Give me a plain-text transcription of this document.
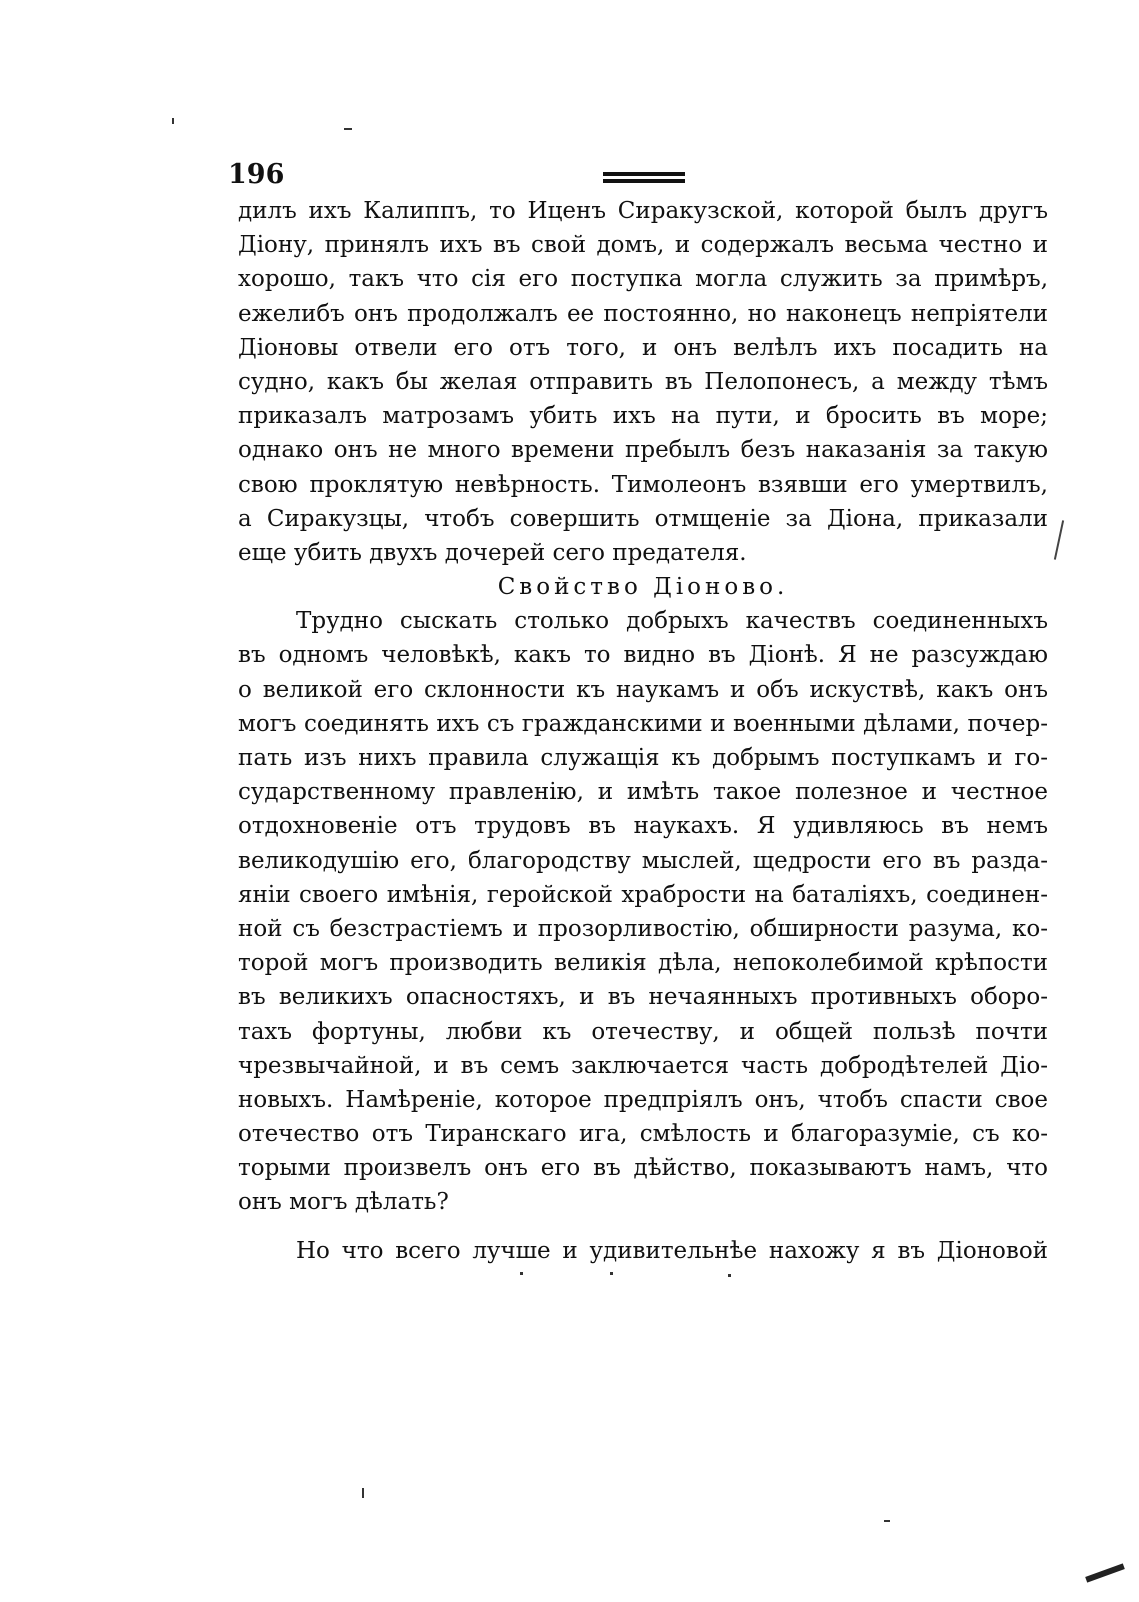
196
дилъ ихъ Калиппъ, то Иценъ Сиракузской, которой былъ другъ
Діону, принялъ ихъ въ свой домъ, и содержалъ весьма честно и
хорошо, такъ что сія его поступка могла служить за примѣръ,
ежелибъ онъ продолжалъ ее постоянно, но наконецъ непріятели
Діоновы отвели его отъ того, и онъ велѣлъ ихъ посадить на
судно, какъ бы желая отправить въ Пелопонесъ, а между тѣмъ
приказалъ матрозамъ убить ихъ на пути, и бросить въ море;
однако онъ не много времени пребылъ безъ наказанія за такую
свою проклятую невѣрность. Тимолеонъ взявши его умертвилъ,
а Сиракузцы, чтобъ совершить отмщеніе за Діона, приказали
еще убить двухъ дочерей сего предателя.
Свойство Діоново.
Трудно сыскать столько добрыхъ качествъ соединенныхъ
въ одномъ человѣкѣ, какъ то видно въ Діонѣ. Я не разсуждаю
о великой его склонности къ наукамъ и объ искуствѣ, какъ онъ
могъ соединять ихъ съ гражданскими и военными дѣлами, почер-
пать изъ нихъ правила служащія къ добрымъ поступкамъ и го-
сударственному правленію, и имѣть такое полезное и честное
отдохновеніе отъ трудовъ въ наукахъ. Я удивляюсь въ немъ
великодушію его, благородству мыслей, щедрости его въ разда-
яніи своего имѣнія, геройской храбрости на баталіяхъ, соединен-
ной съ безстрастіемъ и прозорливостію, обширности разума, ко-
торой могъ производить великія дѣла, непоколебимой крѣпости
въ великихъ опасностяхъ, и въ нечаянныхъ противныхъ оборо-
тахъ фортуны, любви къ отечеству, и общей пользѣ почти
чрезвычайной, и въ семъ заключается часть добродѣтелей Діо-
новыхъ. Намѣреніе, которое предпріялъ онъ, чтобъ спасти свое
отечество отъ Тиранскаго ига, смѣлость и благоразуміе, съ ко-
торыми произвелъ онъ его въ дѣйство, показываютъ намъ, что
онъ могъ дѣлать?
Но что всего лучше и удивительнѣе нахожу я въ Діоновой
